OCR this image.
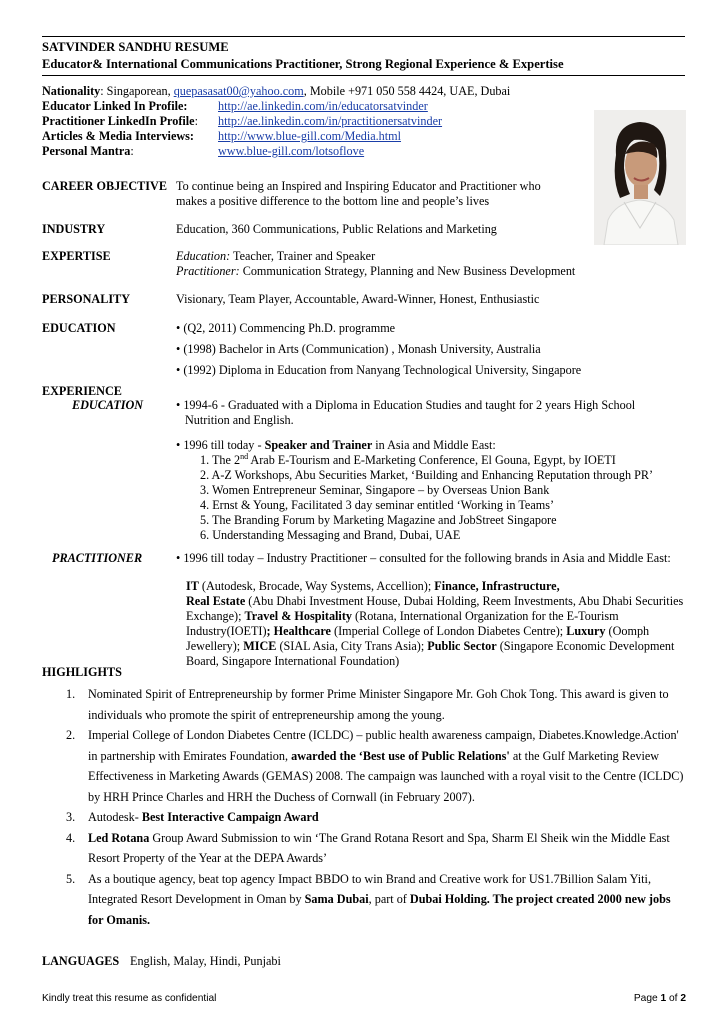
SATVINDER SANDHU RESUME
Educator& International Communications Practitioner, Strong Regional Experience & Expertise
Nationality: Singaporean, quepasasat00@yahoo.com, Mobile +971 050 558 4424, UAE, Dubai
Educator Linked In Profile:	http://ae.linkedin.com/in/educatorsatvinder
Practitioner LinkedIn Profile: http://ae.linkedin.com/in/practitionersatvinder
Articles & Media Interviews: http://www.blue-gill.com/Media.html
Personal Mantra:	www.blue-gill.com/lotsoflove
CAREER OBJECTIVE To continue being an Inspired and Inspiring Educator and Practitioner who

makes a positive difference to the bottom line and people’s lives

INDUSTRY	Education, 360 Communications, Public Relations and Marketing
EXPERTISE	Education: Teacher, Trainer and Speaker

Practitioner: Communication Strategy, Planning and New Business Development

PERSONALITY	Visionary, Team Player, Accountable, Award-Winner, Honest, Enthusiastic
EDUCATION	• (Q2, 2011) Commencing Ph.D. programme
• (1998) Bachelor in Arts (Communication) , Monash University, Australia
• (1992) Diploma in Education from Nanyang Technological University, Singapore
EXPERIENCE
EDUCATION	• 1994-6 - Graduated with a Diploma in Education Studies and taught for 2 years High School

Nutrition and English.

• 1996 till today - Speaker and Trainer in Asia and Middle East:

1. The 2nd Arab E-Tourism and E-Marketing Conference, El Gouna, Egypt, by IOETI
2. A-Z Workshops, Abu Securities Market, ‘Building and Enhancing Reputation through PR’
3. Women Entrepreneur Seminar, Singapore – by Overseas Union Bank
4. Ernst & Young, Facilitated 3 day seminar entitled ‘Working in Teams’
5. The Branding Forum by Marketing Magazine and JobStreet Singapore
6. Understanding Messaging and Brand, Dubai, UAE
PRACTITIONER	• 1996 till today – Industry Practitioner – consulted for the following brands in Asia and Middle East:
IT (Autodesk, Brocade, Way Systems, Accellion); Finance, Infrastructure,
Real Estate (Abu Dhabi Investment House, Dubai Holding, Reem Investments, Abu Dhabi Securities Exchange); Travel & Hospitality (Rotana, International Organization for the E-Tourism Industry(IOETI); Healthcare (Imperial College of London Diabetes Centre); Luxury (Oomph Jewellery); MICE (SIAL Asia, City Trans Asia); Public Sector (Singapore Economic Development Board, Singapore International Foundation)
HIGHLIGHTS
1. Nominated Spirit of Entrepreneurship by former Prime Minister Singapore Mr. Goh Chok Tong. This award is given to individuals who promote the spirit of entrepreneurship among the young.
2. Imperial College of London Diabetes Centre (ICLDC) – public health awareness campaign, Diabetes.Knowledge.Action' in partnership with Emirates Foundation, awarded the ‘Best use of Public Relations' at the Gulf Marketing Review Effectiveness in Marketing Awards (GEMAS) 2008. The campaign was launched with a royal visit to the Centre (ICLDC) by HRH Prince Charles and HRH the Duchess of Cornwall (in February 2007).
3. Autodesk- Best Interactive Campaign Award
4. Led Rotana Group Award Submission to win ‘The Grand Rotana Resort and Spa, Sharm El Sheik win the Middle East Resort Property of the Year at the DEPA Awards’
5. As a boutique agency, beat top agency Impact BBDO to win Brand and Creative work for US1.7Billion Salam Yiti, Integrated Resort Development in Oman by Sama Dubai, part of Dubai Holding. The project created 2000 new jobs for Omanis.
LANGUAGES English, Malay, Hindi, Punjabi
Kindly treat this resume as confidential	Page 1 of 2
